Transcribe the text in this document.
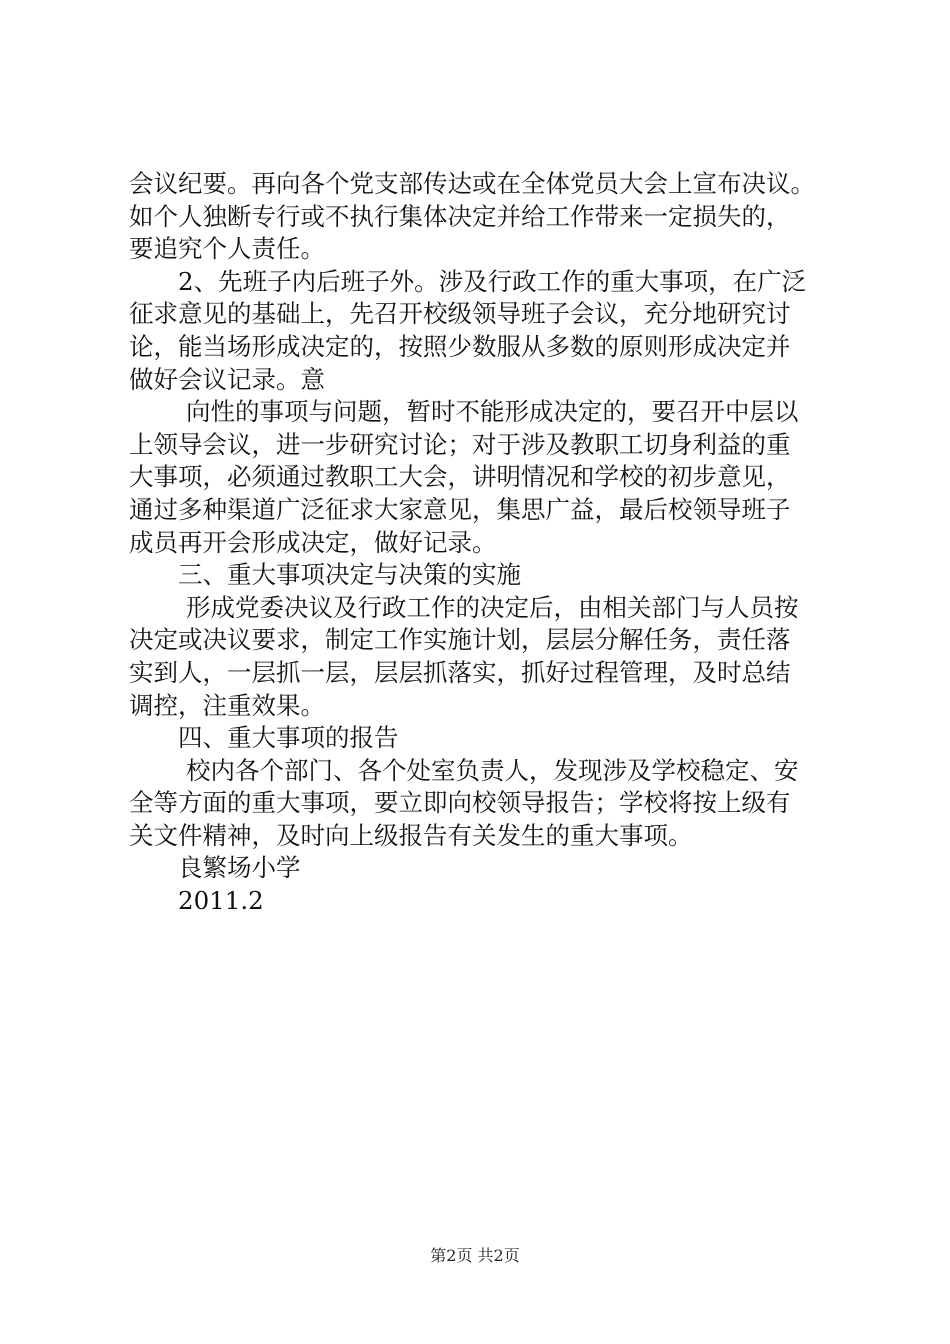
会议纪要。再向各个党支部传达或在全体党员大会上宣布决议。
如个人独断专行或不执行集体决定并给工作带来一定损失的，
要追究个人责任。
2、先班子内后班子外。涉及行政工作的重大事项，在广泛
征求意见的基础上，先召开校级领导班子会议，充分地研究讨
论，能当场形成决定的，按照少数服从多数的原则形成决定并
做好会议记录。意
向性的事项与问题，暂时不能形成决定的，要召开中层以
上领导会议，进一步研究讨论；对于涉及教职工切身利益的重
大事项，必须通过教职工大会，讲明情况和学校的初步意见，
通过多种渠道广泛征求大家意见，集思广益，最后校领导班子
成员再开会形成决定，做好记录。
三、重大事项决定与决策的实施
形成党委决议及行政工作的决定后，由相关部门与人员按
决定或决议要求，制定工作实施计划，层层分解任务，责任落
实到人，一层抓一层，层层抓落实，抓好过程管理，及时总结
调控，注重效果。
四、重大事项的报告
校内各个部门、各个处室负责人，发现涉及学校稳定、安
全等方面的重大事项，要立即向校领导报告；学校将按上级有
关文件精神，及时向上级报告有关发生的重大事项。
良繁场小学
2011.2
第2页 共2页
